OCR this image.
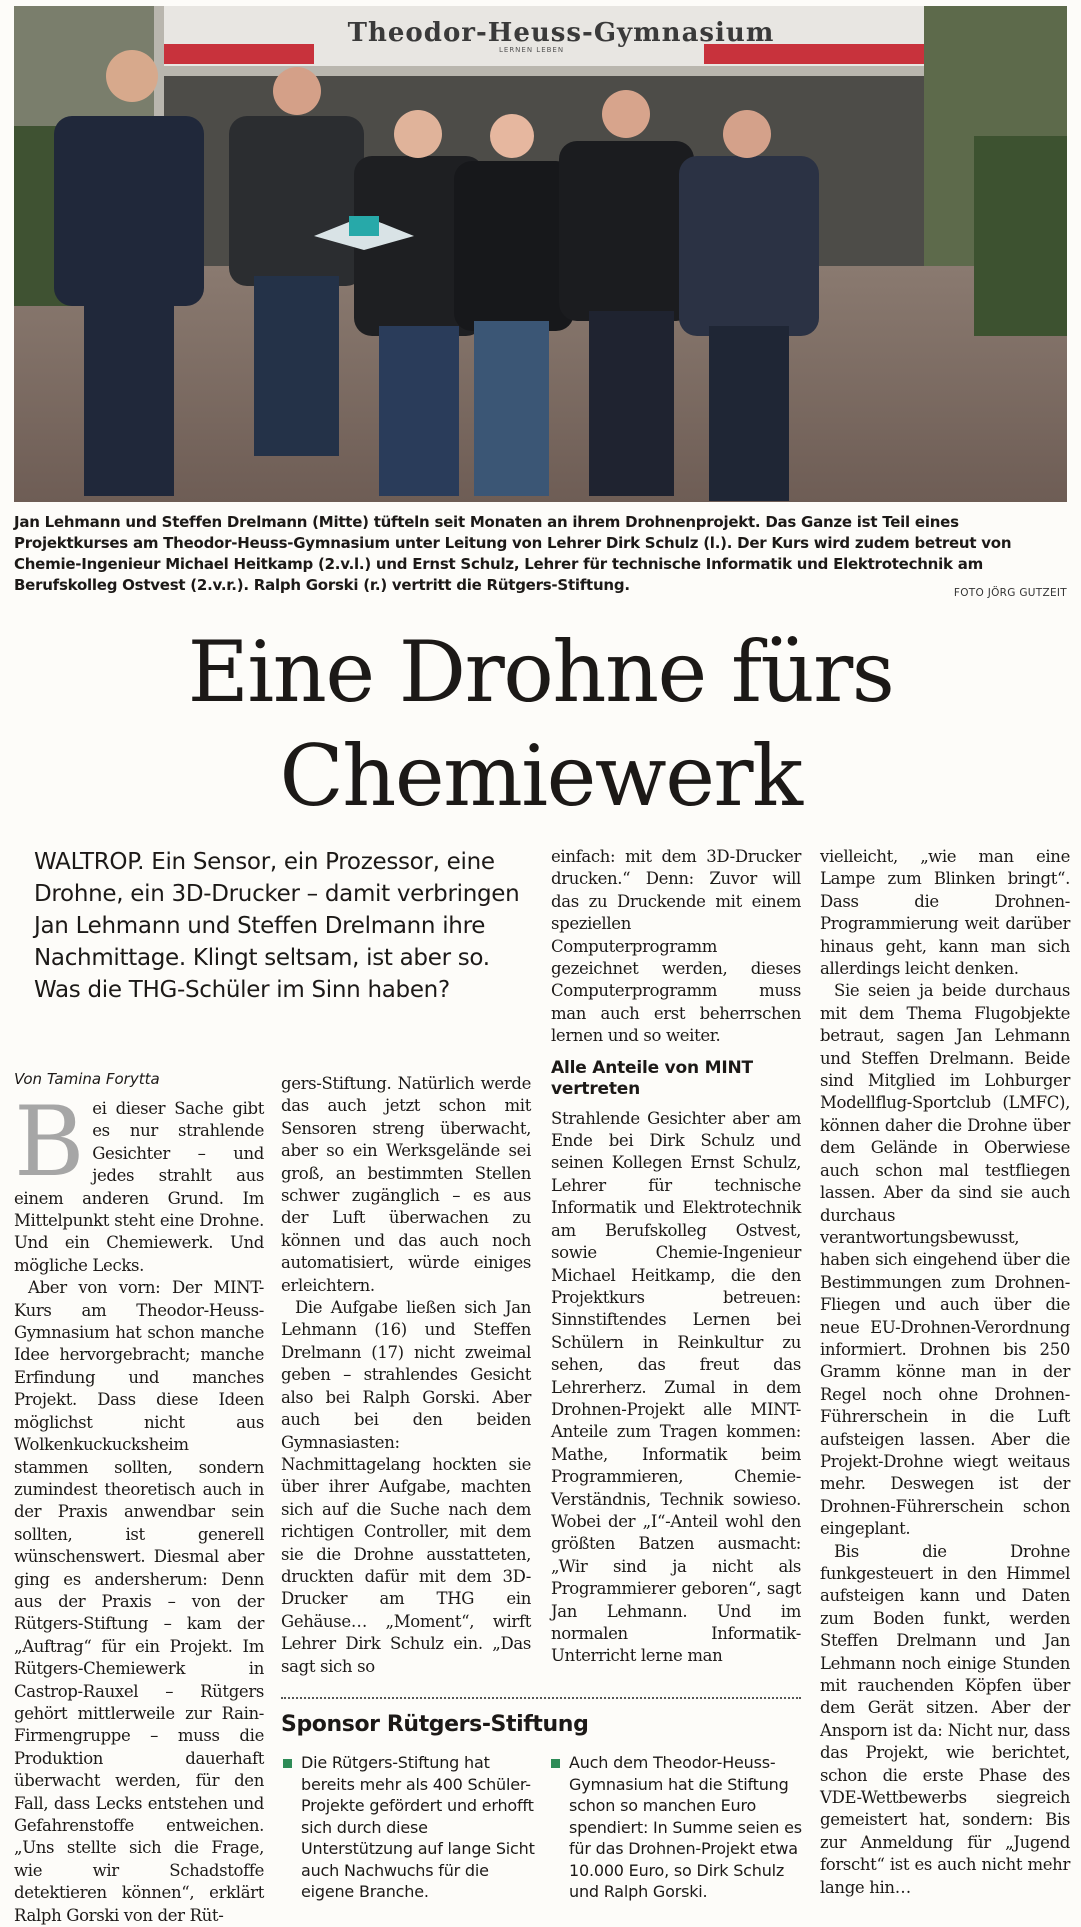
Theodor-Heuss-Gymnasium
LERNEN LEBEN
Jan Lehmann und Steffen Drelmann (Mitte) tüfteln seit Monaten an ihrem Drohnenprojekt. Das Ganze ist Teil eines Projektkurses am Theodor-Heuss-Gymnasium unter Leitung von Lehrer Dirk Schulz (l.). Der Kurs wird zudem betreut von Chemie-Ingenieur Michael Heitkamp (2.v.l.) und Ernst Schulz, Lehrer für technische Informatik und Elektrotechnik am Berufskolleg Ostvest (2.v.r.). Ralph Gorski (r.) vertritt die Rütgers-Stiftung.	FOTO JÖRG GUTZEIT
Eine Drohne fürs
Chemiewerk
WALTROP. Ein Sensor, ein Prozessor, eine Drohne, ein 3D-Drucker – damit verbringen Jan Lehmann und Steffen Drelmann ihre Nachmittage. Klingt seltsam, ist aber so. Was die THG-Schüler im Sinn haben?
Von Tamina Forytta

Bei dieser Sache gibt es nur strahlende Gesichter – und jedes strahlt aus einem anderen Grund. Im Mittelpunkt steht eine Drohne. Und ein Chemiewerk. Und mögliche Lecks.

Aber von vorn: Der MINT-Kurs am Theodor-Heuss-Gymnasium hat schon manche Idee hervorgebracht; manche Erfindung und manches Projekt. Dass diese Ideen möglichst nicht aus Wolkenkuckucksheim stammen sollten, sondern zumindest theoretisch auch in der Praxis anwendbar sein sollten, ist generell wünschenswert. Diesmal aber ging es andersherum: Denn aus der Praxis – von der Rütgers-Stiftung – kam der „Auftrag“ für ein Projekt. Im Rütgers-Chemiewerk in Castrop-Rauxel – Rütgers gehört mittlerweile zur Rain-Firmengruppe – muss die Produktion dauerhaft überwacht werden, für den Fall, dass Lecks entstehen und Gefahrenstoffe entweichen. „Uns stellte sich die Frage, wie wir Schadstoffe detektieren können“, erklärt Ralph Gorski von der Rüt-

gers-Stiftung. Natürlich werde das auch jetzt schon mit Sensoren streng überwacht, aber so ein Werksgelände sei groß, an bestimmten Stellen schwer zugänglich – es aus der Luft überwachen zu können und das auch noch automatisiert, würde einiges erleichtern.

Die Aufgabe ließen sich Jan Lehmann (16) und Steffen Drelmann (17) nicht zweimal geben – strahlendes Gesicht also bei Ralph Gorski. Aber auch bei den beiden Gymnasiasten: Nachmittagelang hockten sie über ihrer Aufgabe, machten sich auf die Suche nach dem richtigen Controller, mit dem sie die Drohne ausstatteten, druckten dafür mit dem 3D-Drucker am THG ein Gehäuse… „Moment“, wirft Lehrer Dirk Schulz ein. „Das sagt sich so

einfach: mit dem 3D-Drucker drucken.“ Denn: Zuvor will das zu Druckende mit einem speziellen Computerprogramm gezeichnet werden, dieses Computerprogramm muss man auch erst beherrschen lernen und so weiter.

Alle Anteile von MINT vertreten

Strahlende Gesichter aber am Ende bei Dirk Schulz und seinen Kollegen Ernst Schulz, Lehrer für technische Informatik und Elektrotechnik am Berufskolleg Ostvest, sowie Chemie-Ingenieur Michael Heitkamp, die den Projektkurs betreuen: Sinnstiftendes Lernen bei Schülern in Reinkultur zu sehen, das freut das Lehrerherz. Zumal in dem Drohnen-Projekt alle MINT-Anteile zum Tragen kommen: Mathe, Informatik beim Programmieren, Chemie-Verständnis, Technik sowieso. Wobei der „I“-Anteil wohl den größten Batzen ausmacht: „Wir sind ja nicht als Programmierer geboren“, sagt Jan Lehmann. Und im normalen Informatik-Unterricht lerne man

vielleicht, „wie man eine Lampe zum Blinken bringt“. Dass die Drohnen-Programmierung weit darüber hinaus geht, kann man sich allerdings leicht denken.

Sie seien ja beide durchaus mit dem Thema Flugobjekte betraut, sagen Jan Lehmann und Steffen Drelmann. Beide sind Mitglied im Lohburger Modellflug-Sportclub (LMFC), können daher die Drohne über dem Gelände in Oberwiese auch schon mal testfliegen lassen. Aber da sind sie auch durchaus verantwortungsbewusst, haben sich eingehend über die Bestimmungen zum Drohnen-Fliegen und auch über die neue EU-Drohnen-Verordnung informiert. Drohnen bis 250 Gramm könne man in der Regel noch ohne Drohnen-Führerschein in die Luft aufsteigen lassen. Aber die Projekt-Drohne wiegt weitaus mehr. Deswegen ist der Drohnen-Führerschein schon eingeplant.

Bis die Drohne funkgesteuert in den Himmel aufsteigen kann und Daten zum Boden funkt, werden Steffen Drelmann und Jan Lehmann noch einige Stunden mit rauchenden Köpfen über dem Gerät sitzen. Aber der Ansporn ist da: Nicht nur, dass das Projekt, wie berichtet, schon die erste Phase des VDE-Wettbewerbs siegreich gemeistert hat, sondern: Bis zur Anmeldung für „Jugend forscht“ ist es auch nicht mehr lange hin…

Sponsor Rütgers-Stiftung
Die Rütgers-Stiftung hat bereits mehr als 400 Schüler-Projekte gefördert und erhofft sich durch diese Unterstützung auf lange Sicht auch Nachwuchs für die eigene Branche.
Auch dem Theodor-Heuss-Gymnasium hat die Stiftung schon so manchen Euro spendiert: In Summe seien es für das Drohnen-Projekt etwa 10.000 Euro, so Dirk Schulz und Ralph Gorski.
